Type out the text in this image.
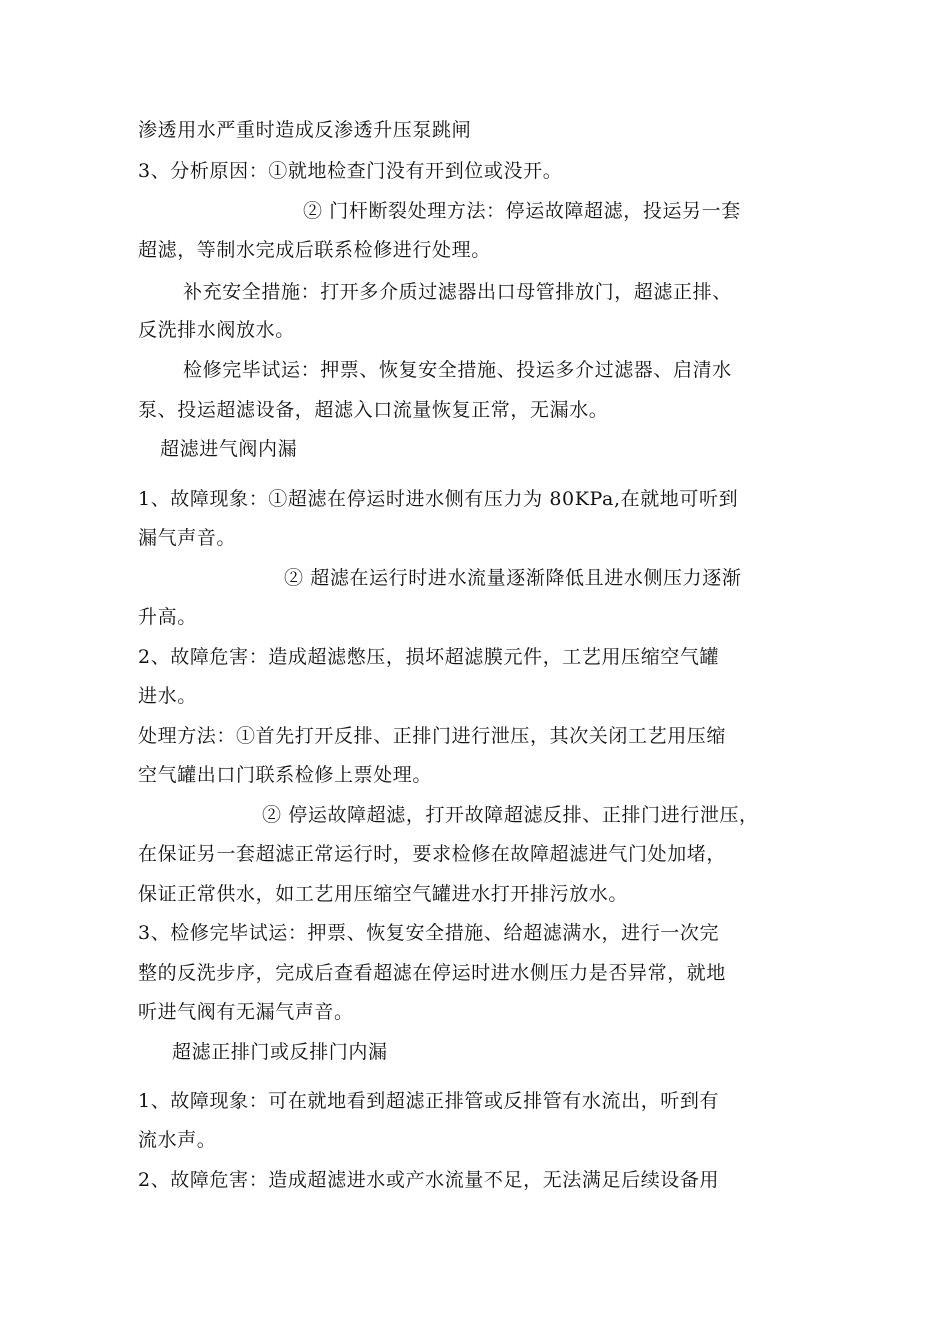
渗透用水严重时造成反渗透升压泵跳闸

3、分析原因：①就地检查门没有开到位或没开。

② 门杆断裂处理方法：停运故障超滤，投运另一套

超滤，等制水完成后联系检修进行处理。

补充安全措施：打开多介质过滤器出口母管排放门，超滤正排、

反洗排水阀放水。

检修完毕试运：押票、恢复安全措施、投运多介过滤器、启清水

泵、投运超滤设备，超滤入口流量恢复正常，无漏水。

超滤进气阀内漏

1、故障现象：①超滤在停运时进水侧有压力为 80KPa,在就地可听到

漏气声音。

② 超滤在运行时进水流量逐渐降低且进水侧压力逐渐

升高。

2、故障危害：造成超滤憋压，损坏超滤膜元件，工艺用压缩空气罐

进水。

处理方法：①首先打开反排、正排门进行泄压，其次关闭工艺用压缩

空气罐出口门联系检修上票处理。

② 停运故障超滤，打开故障超滤反排、正排门进行泄压，

在保证另一套超滤正常运行时，要求检修在故障超滤进气门处加堵，

保证正常供水，如工艺用压缩空气罐进水打开排污放水。

3、检修完毕试运：押票、恢复安全措施、给超滤满水，进行一次完

整的反洗步序，完成后查看超滤在停运时进水侧压力是否异常，就地

听进气阀有无漏气声音。

超滤正排门或反排门内漏

1、故障现象：可在就地看到超滤正排管或反排管有水流出，听到有

流水声。

2、故障危害：造成超滤进水或产水流量不足，无法满足后续设备用
